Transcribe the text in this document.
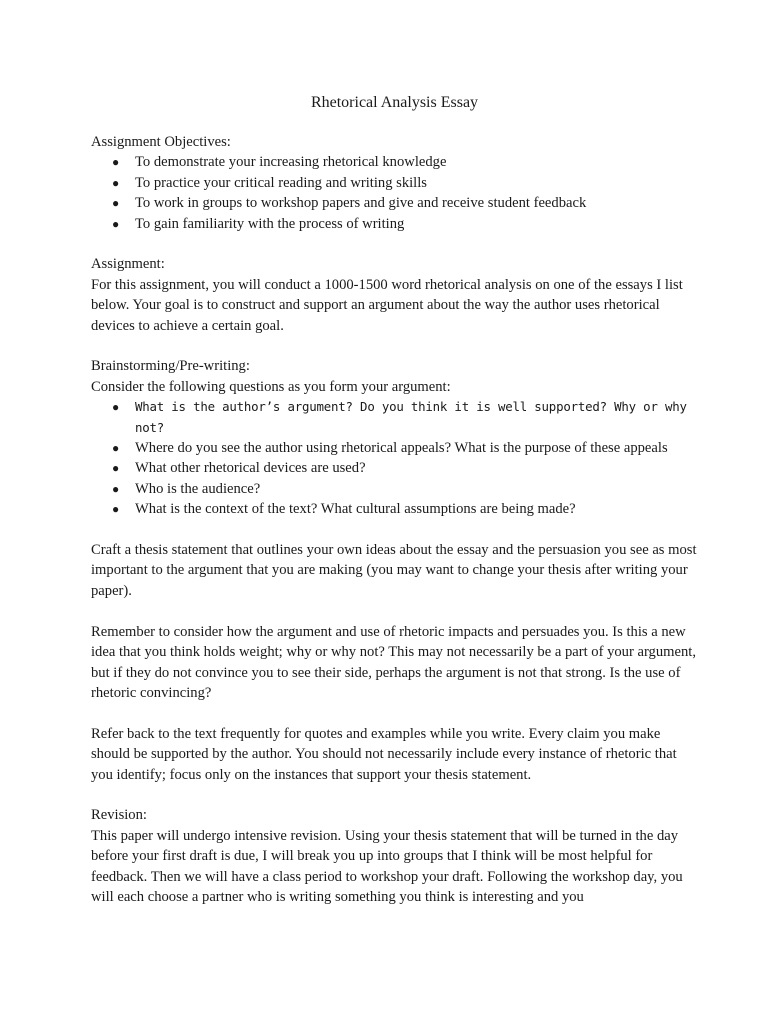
Rhetorical Analysis Essay

Assignment Objectives:

● To demonstrate your increasing rhetorical knowledge
● To practice your critical reading and writing skills
● To work in groups to workshop papers and give and receive student feedback
● To gain familiarity with the process of writing

Assignment:

For this assignment, you will conduct a 1000-1500 word rhetorical analysis on one of the essays I list below. Your goal is to construct and support an argument about the way the author uses rhetorical devices to achieve a certain goal.

Brainstorming/Pre-writing:

Consider the following questions as you form your argument:

● What is the author’s argument? Do you think it is well supported? Why or why not?
● Where do you see the author using rhetorical appeals? What is the purpose of these appeals
● What other rhetorical devices are used?
● Who is the audience?
● What is the context of the text? What cultural assumptions are being made?

Craft a thesis statement that outlines your own ideas about the essay and the persuasion you see as most important to the argument that you are making (you may want to change your thesis after writing your paper).

Remember to consider how the argument and use of rhetoric impacts and persuades you. Is this a new idea that you think holds weight; why or why not? This may not necessarily be a part of your argument, but if they do not convince you to see their side, perhaps the argument is not that strong. Is the use of rhetoric convincing?

Refer back to the text frequently for quotes and examples while you write. Every claim you make should be supported by the author. You should not necessarily include every instance of rhetoric that you identify; focus only on the instances that support your thesis statement.

Revision:

This paper will undergo intensive revision. Using your thesis statement that will be turned in the day before your first draft is due, I will break you up into groups that I think will be most helpful for feedback. Then we will have a class period to workshop your draft. Following the workshop day, you will each choose a partner who is writing something you think is interesting and you
